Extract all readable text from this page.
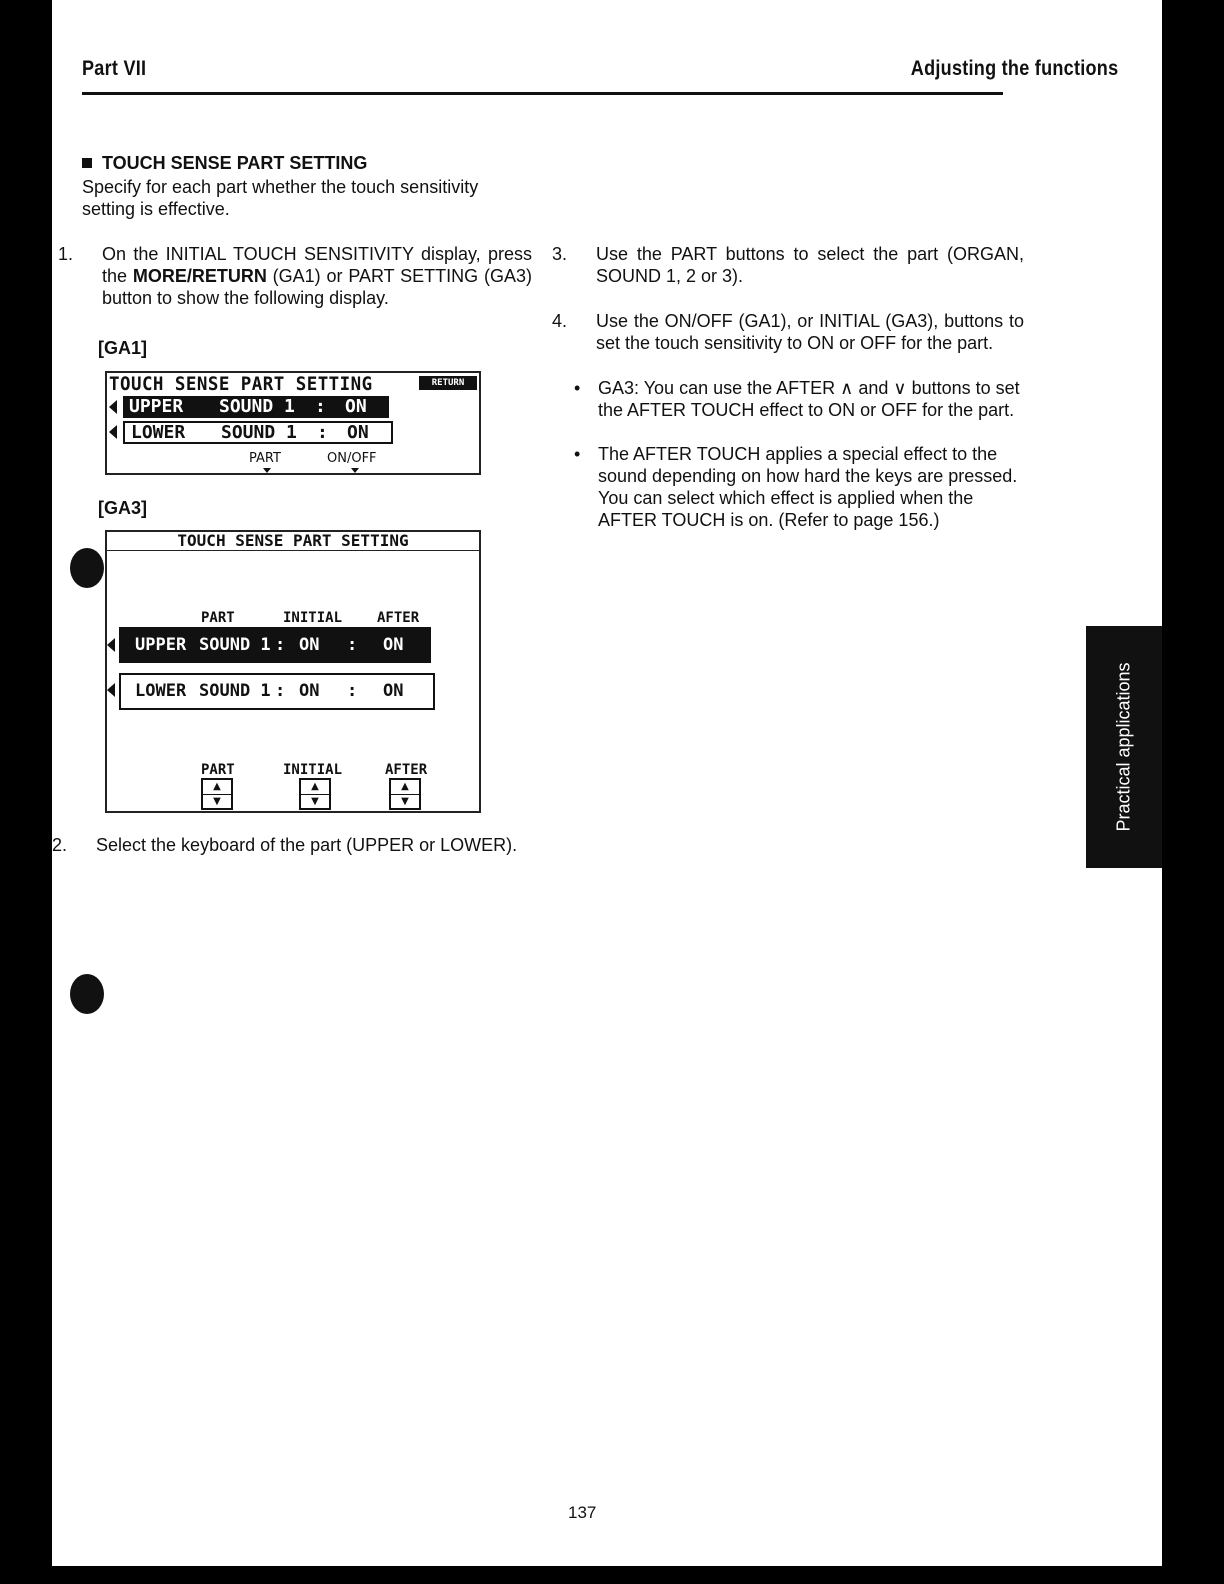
Part VII	Adjusting the functions
TOUCH SENSE PART SETTING
Specify for each part whether the touch sensitivity setting is effective.
1. On the INITIAL TOUCH SENSITIVITY display, press the MORE/RETURN (GA1) or PART SETTING (GA3) button to show the following display.
[GA1]
TOUCH SENSE PART SETTING	RETURN
UPPER SOUND 1 : ON
LOWER SOUND 1 : ON
PART	ON/OFF
[GA3]
TOUCH SENSE PART SETTING
PART	INITIAL AFTER
UPPER SOUND 1 : ON : ON
LOWER SOUND 1 : ON : ON
PART
▲
▼
INITIAL
▲
▼
AFTER
▲
▼
2. Select the keyboard of the part (UPPER or LOWER).
3. Use the PART buttons to select the part (ORGAN, SOUND 1, 2 or 3).
4. Use the ON/OFF (GA1), or INITIAL (GA3), buttons to set the touch sensitivity to ON or OFF for the part.
• GA3: You can use the AFTER ∧ and ∨ buttons to set the AFTER TOUCH effect to ON or OFF for the part.
• The AFTER TOUCH applies a special effect to the sound depending on how hard the keys are pressed. You can select which effect is applied when the AFTER TOUCH is on. (Refer to page 156.)
Practical applications
137
